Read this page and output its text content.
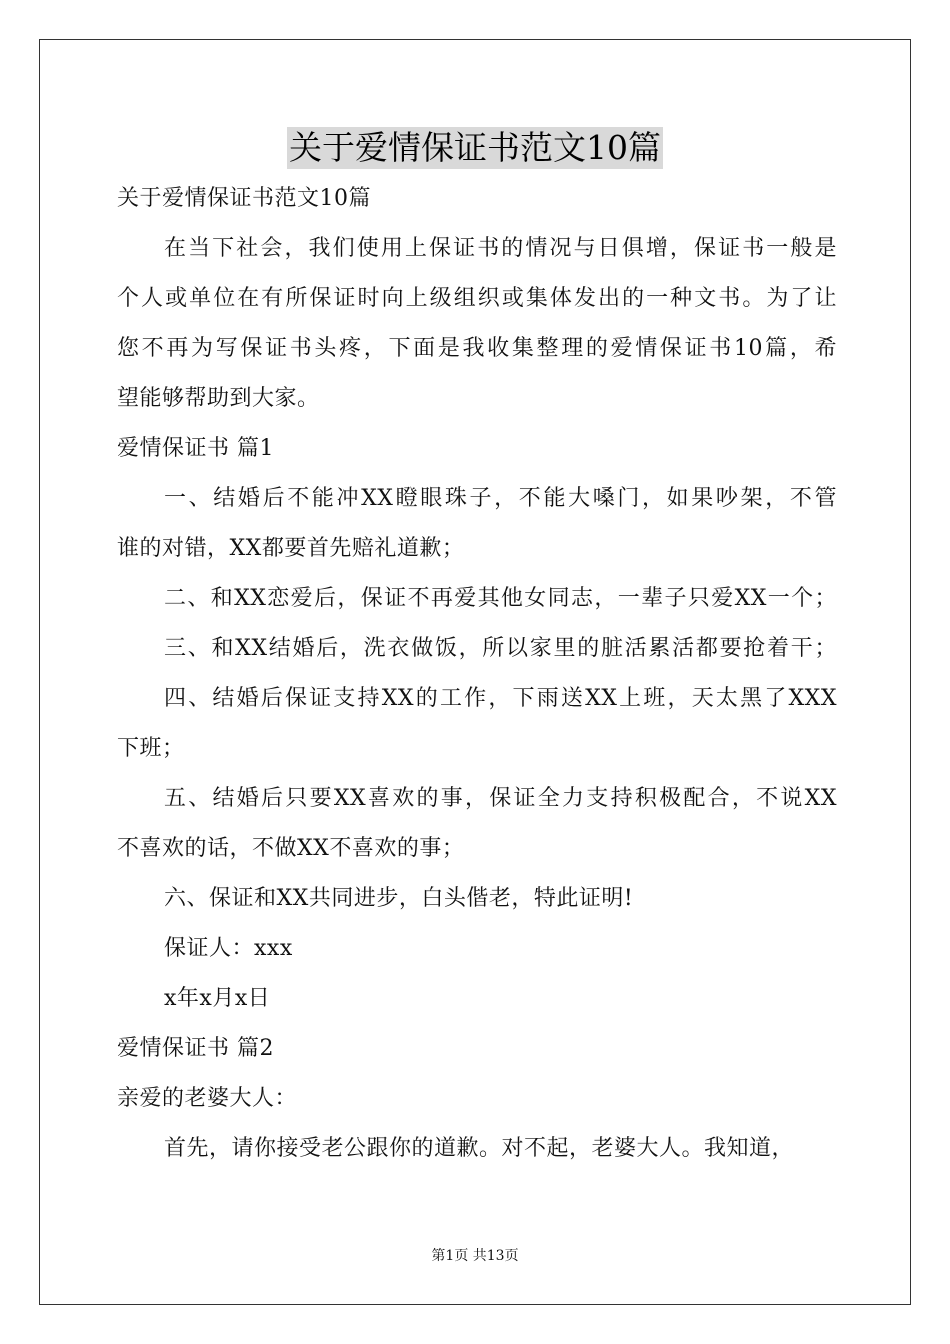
关于爱情保证书范文10篇
关于爱情保证书范文10篇
在当下社会，我们使用上保证书的情况与日俱增，保证书一般是
个人或单位在有所保证时向上级组织或集体发出的一种文书。为了让
您不再为写保证书头疼，下面是我收集整理的爱情保证书10篇，希
望能够帮助到大家。
爱情保证书 篇1
一、结婚后不能冲XX瞪眼珠子，不能大嗓门，如果吵架，不管
谁的对错，XX都要首先赔礼道歉；
二、和XX恋爱后，保证不再爱其他女同志，一辈子只爱XX一个；
三、和XX结婚后，洗衣做饭，所以家里的脏活累活都要抢着干；
四、结婚后保证支持XX的工作，下雨送XX上班，天太黑了XXX
下班；
五、结婚后只要XX喜欢的事，保证全力支持积极配合，不说XX
不喜欢的话，不做XX不喜欢的事；
六、保证和XX共同进步，白头偕老，特此证明!
保证人：xxx
x年x月x日
爱情保证书 篇2
亲爱的老婆大人：
首先，请你接受老公跟你的道歉。对不起，老婆大人。我知道，
第1页 共13页
